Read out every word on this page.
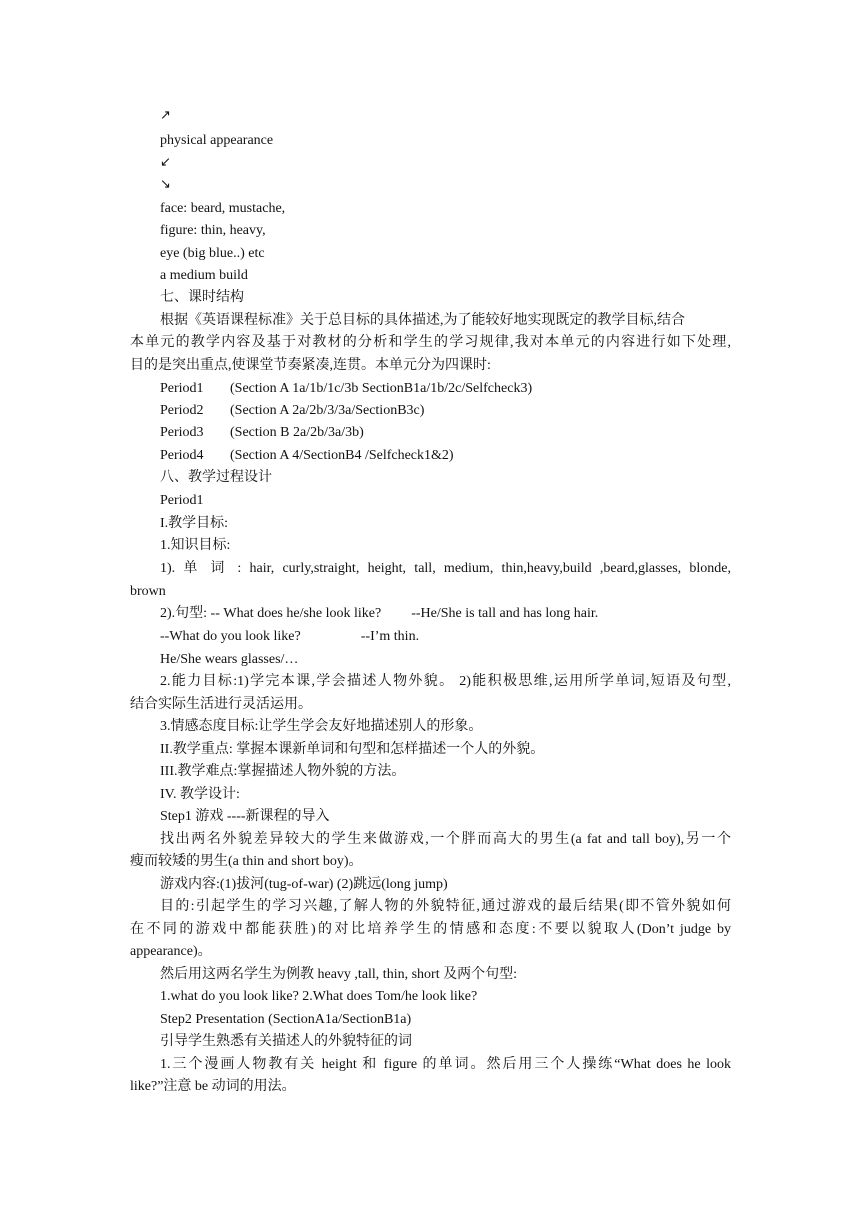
↗
physical appearance
↙
↘
face: beard, mustache,
figure: thin, heavy,
eye (big blue..) etc
a medium build
七、课时结构
根据《英语课程标准》关于总目标的具体描述,为了能较好地实现既定的教学目标,结合
本单元的教学内容及基于对教材的分析和学生的学习规律,我对本单元的内容进行如下处理,
目的是突出重点,使课堂节奏紧凑,连贯。本单元分为四课时:
Period1 (Section A 1a/1b/1c/3b SectionB1a/1b/2c/Selfcheck3)
Period2 (Section A 2a/2b/3/3a/SectionB3c)
Period3 (Section B 2a/2b/3a/3b)
Period4 (Section A 4/SectionB4 /Selfcheck1&2)
八、教学过程设计
Period1
I.教学目标:
1.知识目标:
1). 单 词 : hair, curly,straight, height, tall, medium, thin,heavy,build ,beard,glasses, blonde,
brown
2).句型: -- What does he/she look like? --He/She is tall and has long hair.
--What do you look like?	--I’m thin.
He/She wears glasses/…
2.能力目标:1)学完本课,学会描述人物外貌。 2)能积极思维,运用所学单词,短语及句型,
结合实际生活进行灵活运用。
3.情感态度目标:让学生学会友好地描述别人的形象。
II.教学重点: 掌握本课新单词和句型和怎样描述一个人的外貌。
III.教学难点:掌握描述人物外貌的方法。
IV. 教学设计:
Step1 游戏 ----新课程的导入
找出两名外貌差异较大的学生来做游戏,一个胖而高大的男生(a fat and tall boy),另一个
瘦而较矮的男生(a thin and short boy)。
游戏内容:(1)拔河(tug-of-war) (2)跳远(long jump)
目的:引起学生的学习兴趣,了解人物的外貌特征,通过游戏的最后结果(即不管外貌如何
在不同的游戏中都能获胜)的对比培养学生的情感和态度:不要以貌取人(Don’t judge by
appearance)。
然后用这两名学生为例教 heavy ,tall, thin, short 及两个句型:
1.what do you look like? 2.What does Tom/he look like?
Step2 Presentation (SectionA1a/SectionB1a)
引导学生熟悉有关描述人的外貌特征的词
1.三个漫画人物教有关 height 和 figure 的单词。然后用三个人操练“What does he look
like?”注意 be 动词的用法。
